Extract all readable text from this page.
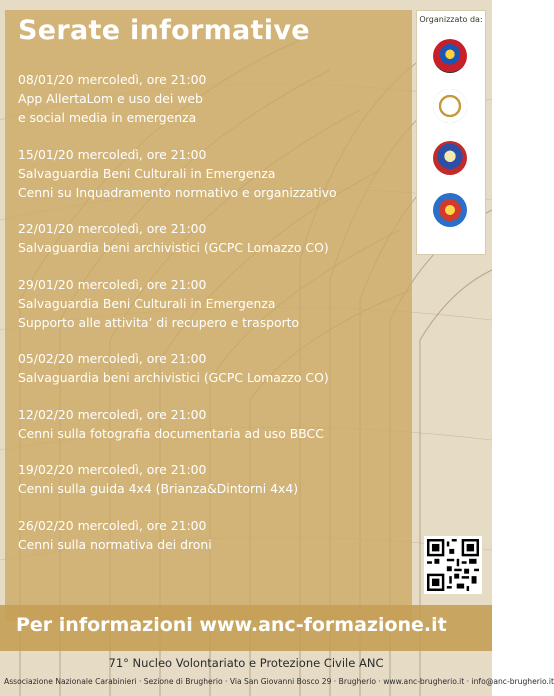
Serate informative
08/01/20 mercoledì, ore 21:00
App AllertaLom e uso dei web
e social media in emergenza
15/01/20 mercoledì, ore 21:00
Salvaguardia Beni Culturali in Emergenza
Cenni su Inquadramento normativo e organizzativo
22/01/20 mercoledì, ore 21:00
Salvaguardia beni archivistici (GCPC Lomazzo CO)
29/01/20 mercoledì, ore 21:00
Salvaguardia Beni Culturali in Emergenza
Supporto alle attivita’ di recupero e trasporto
05/02/20 mercoledì, ore 21:00
Salvaguardia beni archivistici (GCPC Lomazzo CO)
12/02/20 mercoledì, ore 21:00
Cenni sulla fotografia documentaria ad uso BBCC
19/02/20 mercoledì, ore 21:00
Cenni sulla guida 4x4 (Brianza&Dintorni 4x4)
26/02/20 mercoledì, ore 21:00
Cenni sulla normativa dei droni
Organizzato da:
Per informazioni www.anc-formazione.it
71° Nucleo Volontariato e Protezione Civile ANC
Associazione Nazionale Carabinieri · Sezione di Brugherio · Via San Giovanni Bosco 29 · Brugherio · www.anc-brugherio.it · info@anc-brugherio.it
